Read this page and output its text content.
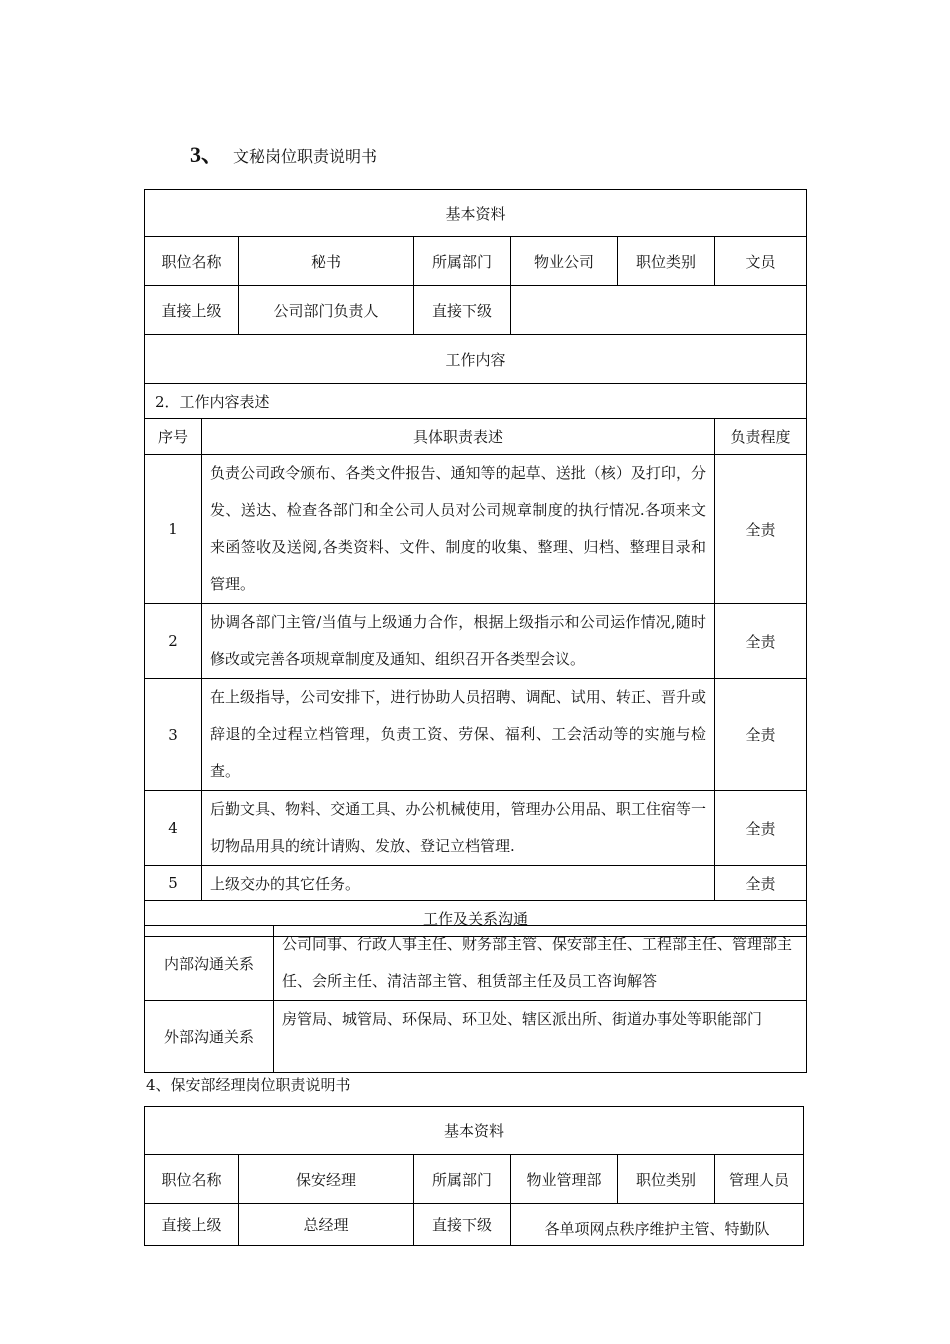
3、 文秘岗位职责说明书
基本资料					
职位名称	秘书	所属部门	物业公司	职位类别	文员
直接上级	公司部门负责人	直接下级			
工作内容					
2．工作内容表述		
序号	具体职责表述	负责程度
1	负责公司政令颁布、各类文件报告、通知等的起草、送批（核）及打印，分发、送达、检查各部门和全公司人员对公司规章制度的执行情况.各项来文来函签收及送阅,各类资料、文件、制度的收集、整理、归档、整理目录和管理。	全责
2	协调各部门主管/当值与上级通力合作，根据上级指示和公司运作情况,随时修改或完善各项规章制度及通知、组织召开各类型会议。	全责
3	在上级指导，公司安排下，进行协助人员招聘、调配、试用、转正、晋升或辞退的全过程立档管理，负责工资、劳保、福利、工会活动等的实施与检查。	全责
4	后勤文具、物料、交通工具、办公机械使用，管理办公用品、职工住宿等一切物品用具的统计请购、发放、登记立档管理.	全责
5	上级交办的其它任务。	全责
工作及关系沟通		
内部沟通关系	公司同事、行政人事主任、财务部主管、保安部主任、工程部主任、管理部主任、会所主任、清洁部主管、租赁部主任及员工咨询解答
外部沟通关系	房管局、城管局、环保局、环卫处、辖区派出所、街道办事处等职能部门
4、保安部经理岗位职责说明书
基本资料					
职位名称	保安经理	所属部门	物业管理部	职位类别	管理人员
直接上级	总经理	直接下级	各单项网点秩序维护主管、特勤队		
